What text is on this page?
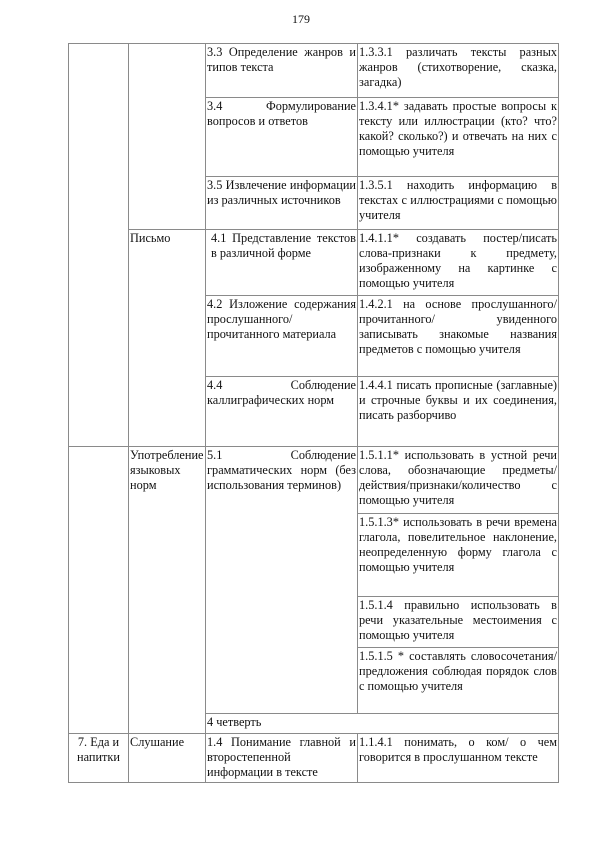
179
3.3 Определение жанров и типов текста
1.3.3.1 различать тексты разных жанров (стихотворение, сказка, загадка)
3.4 Формулирование вопросов и ответов
1.3.4.1* задавать простые вопросы к тексту или иллюстрации (кто? что? какой? сколько?) и отвечать на них с помощью учителя
3.5 Извлечение информации из различных источников
1.3.5.1 находить информацию в текстах с иллюстрациями с помощью учителя
Письмо	4.1 Представление текстов в различной форме
1.4.1.1* создавать постер/писать слова-признаки к предмету, изображенному на картинке с помощью учителя
4.2 Изложение содержания прослушанного/прочитанного материала
1.4.2.1 на основе прослушанного/ прочитанного/ увиденного записывать знакомые названия предметов с помощью учителя
4.4 Соблюдение каллиграфических норм
1.4.4.1 писать прописные (заглавные) и строчные буквы и их соединения, писать разборчиво
Употребление языковых норм
5.1 Соблюдение грамматических норм (без использования терминов)
1.5.1.1* использовать в устной речи слова, обозначающие предметы/действия/признаки/количество с помощью учителя
1.5.1.3* использовать в речи времена глагола, повелительное наклонение, неопределенную форму глагола с помощью учителя
1.5.1.4 правильно использовать в речи указательные местоимения с помощью учителя
1.5.1.5 * составлять словосочетания/ предложения соблюдая порядок слов с помощью учителя
4 четверть
7. Еда и напитки
Слушание	1.4 Понимание главной и второстепенной информации в тексте
1.1.4.1 понимать, о ком/ о чем говорится в прослушанном тексте
